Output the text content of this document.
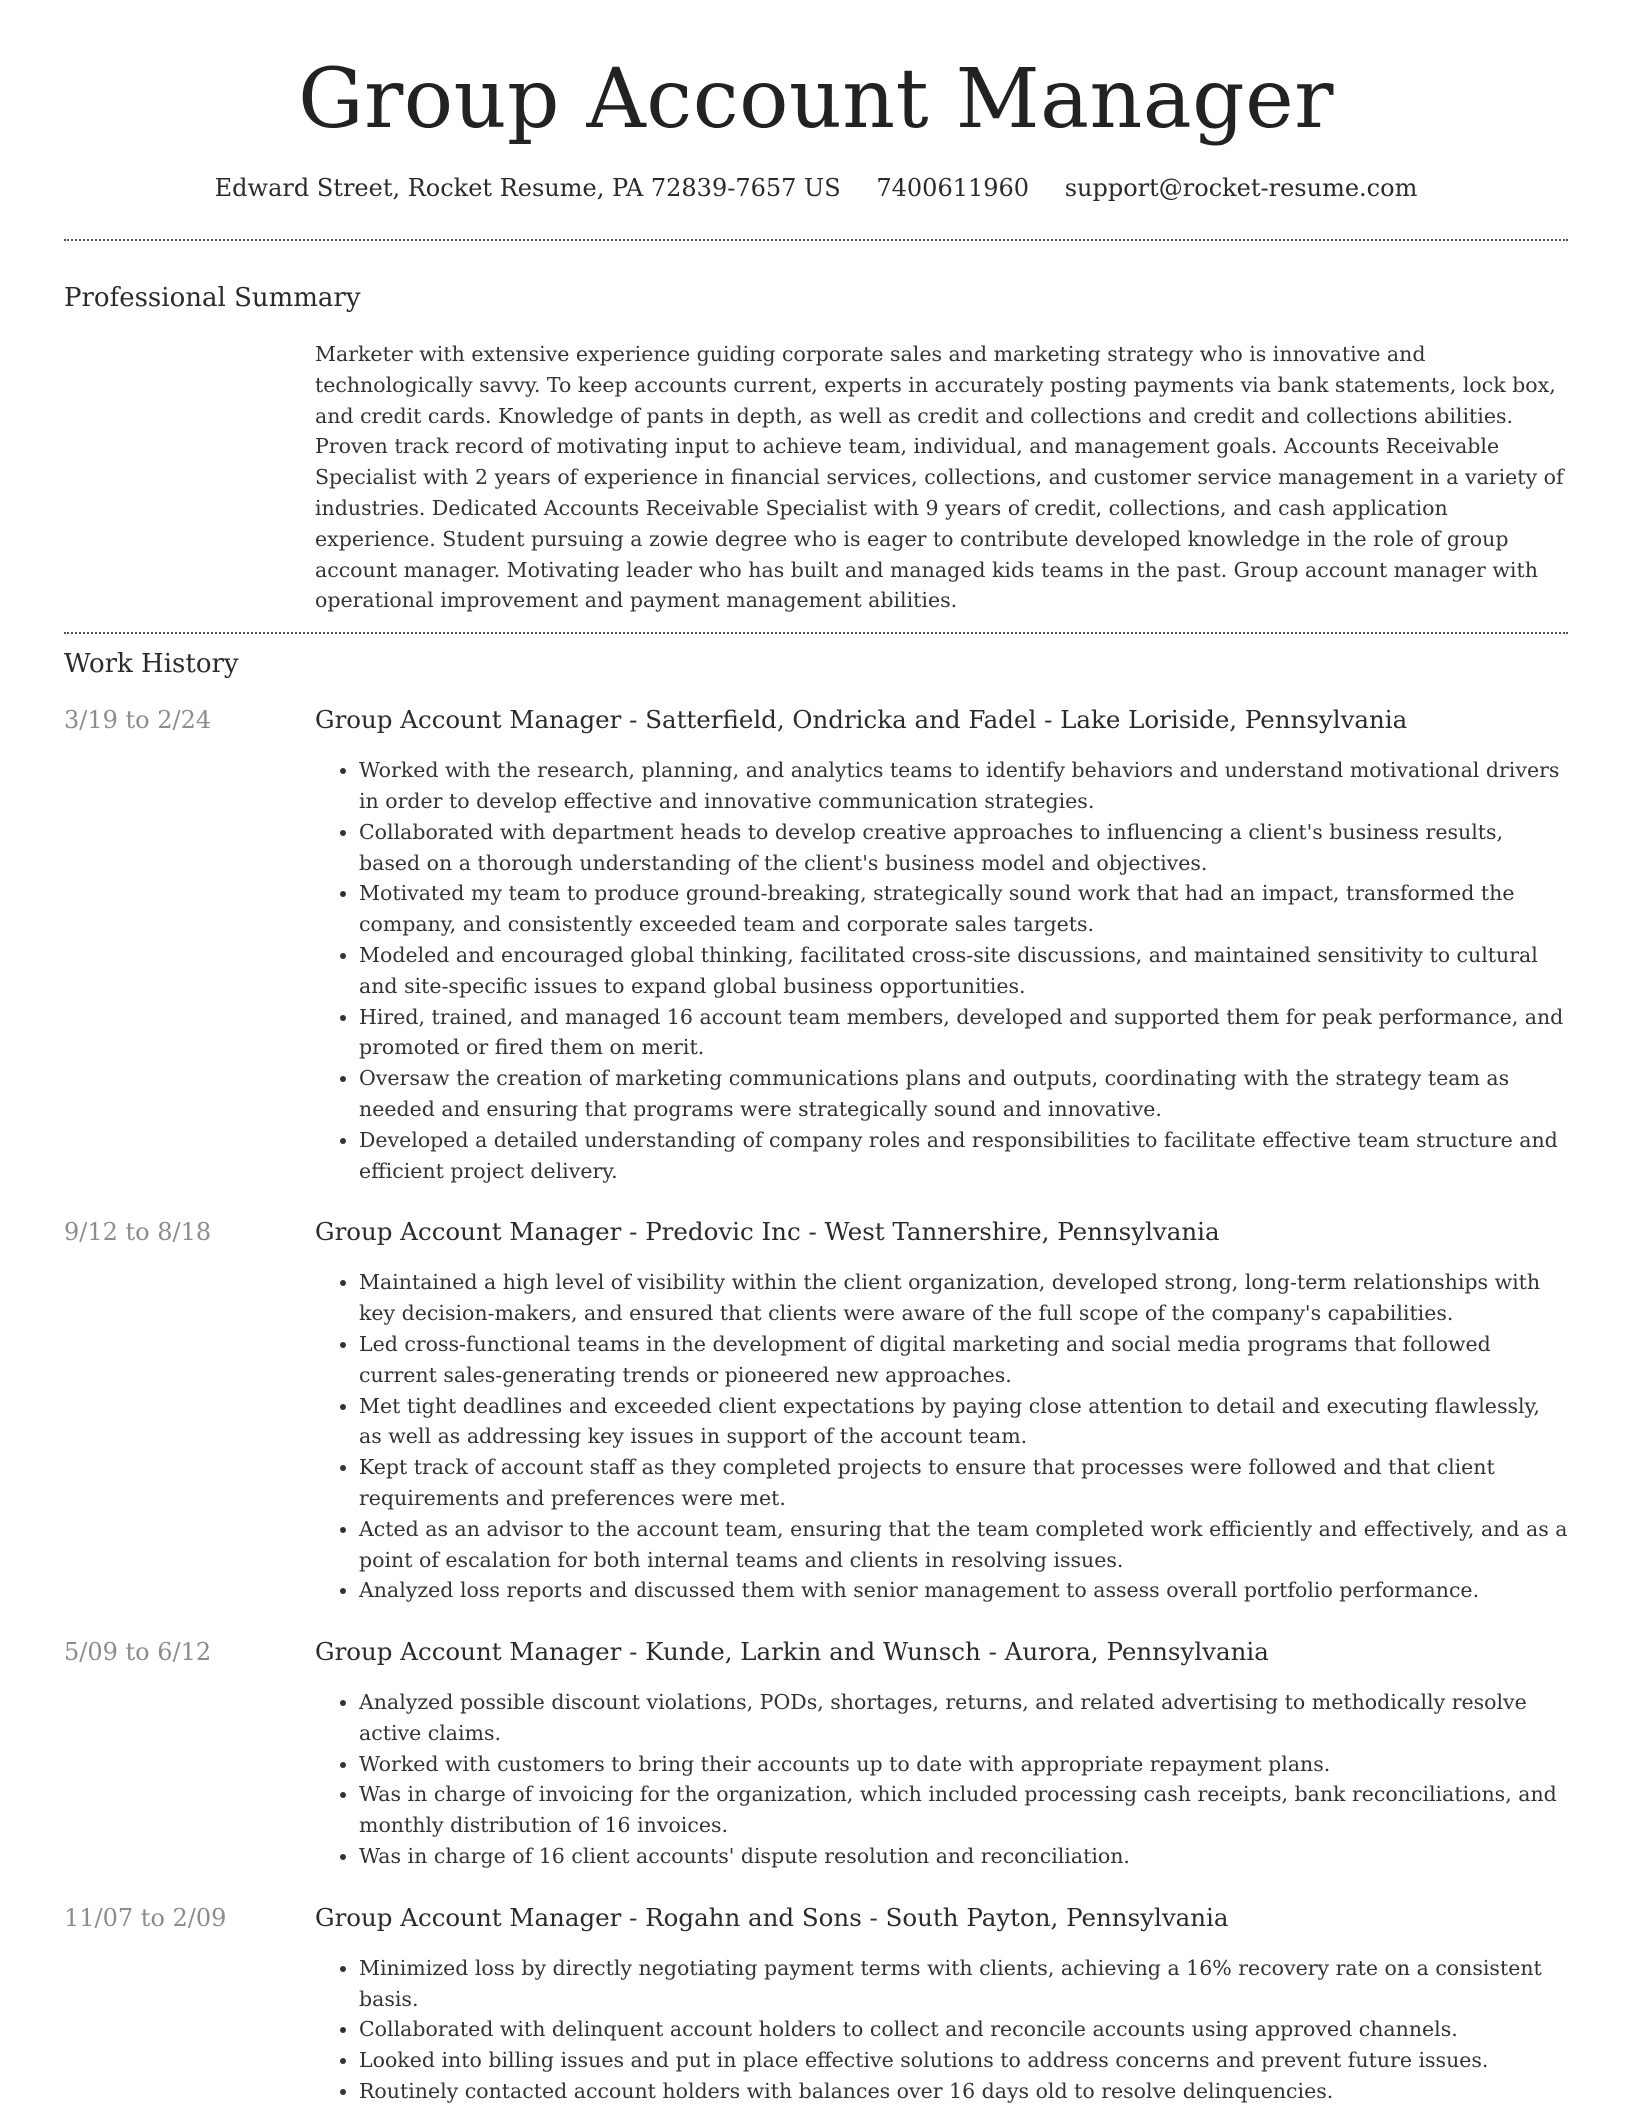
Group Account Manager
Edward Street, Rocket Resume, PA 72839-7657 US 7400611960 support@rocket-resume.com
Professional Summary

Marketer with extensive experience guiding corporate sales and marketing strategy who is innovative and technologically savvy. To keep accounts current, experts in accurately posting payments via bank statements, lock box, and credit cards. Knowledge of pants in depth, as well as credit and collections and credit and collections abilities. Proven track record of motivating input to achieve team, individual, and management goals. Accounts Receivable Specialist with 2 years of experience in financial services, collections, and customer service management in a variety of industries. Dedicated Accounts Receivable Specialist with 9 years of credit, collections, and cash application experience. Student pursuing a zowie degree who is eager to contribute developed knowledge in the role of group account manager. Motivating leader who has built and managed kids teams in the past. Group account manager with operational improvement and payment management abilities.

Work History
3/19 to 2/24	Group Account Manager - Satterfield, Ondricka and Fadel - Lake Loriside, Pennsylvania
• Worked with the research, planning, and analytics teams to identify behaviors and understand motivational drivers in order to develop effective and innovative communication strategies.
• Collaborated with department heads to develop creative approaches to influencing a client's business results, based on a thorough understanding of the client's business model and objectives.
• Motivated my team to produce ground-breaking, strategically sound work that had an impact, transformed the company, and consistently exceeded team and corporate sales targets.
• Modeled and encouraged global thinking, facilitated cross-site discussions, and maintained sensitivity to cultural and site-specific issues to expand global business opportunities.
• Hired, trained, and managed 16 account team members, developed and supported them for peak performance, and promoted or fired them on merit.
• Oversaw the creation of marketing communications plans and outputs, coordinating with the strategy team as needed and ensuring that programs were strategically sound and innovative.
• Developed a detailed understanding of company roles and responsibilities to facilitate effective team structure and efficient project delivery.
9/12 to 8/18	Group Account Manager - Predovic Inc - West Tannershire, Pennsylvania
• Maintained a high level of visibility within the client organization, developed strong, long-term relationships with key decision-makers, and ensured that clients were aware of the full scope of the company's capabilities.
• Led cross-functional teams in the development of digital marketing and social media programs that followed current sales-generating trends or pioneered new approaches.
• Met tight deadlines and exceeded client expectations by paying close attention to detail and executing flawlessly, as well as addressing key issues in support of the account team.
• Kept track of account staff as they completed projects to ensure that processes were followed and that client requirements and preferences were met.
• Acted as an advisor to the account team, ensuring that the team completed work efficiently and effectively, and as a point of escalation for both internal teams and clients in resolving issues.
• Analyzed loss reports and discussed them with senior management to assess overall portfolio performance.
5/09 to 6/12	Group Account Manager - Kunde, Larkin and Wunsch - Aurora, Pennsylvania
• Analyzed possible discount violations, PODs, shortages, returns, and related advertising to methodically resolve active claims.
• Worked with customers to bring their accounts up to date with appropriate repayment plans.
• Was in charge of invoicing for the organization, which included processing cash receipts, bank reconciliations, and monthly distribution of 16 invoices.
• Was in charge of 16 client accounts' dispute resolution and reconciliation.
11/07 to 2/09	Group Account Manager - Rogahn and Sons - South Payton, Pennsylvania
• Minimized loss by directly negotiating payment terms with clients, achieving a 16% recovery rate on a consistent basis.
• Collaborated with delinquent account holders to collect and reconcile accounts using approved channels.
• Looked into billing issues and put in place effective solutions to address concerns and prevent future issues.
• Routinely contacted account holders with balances over 16 days old to resolve delinquencies.
